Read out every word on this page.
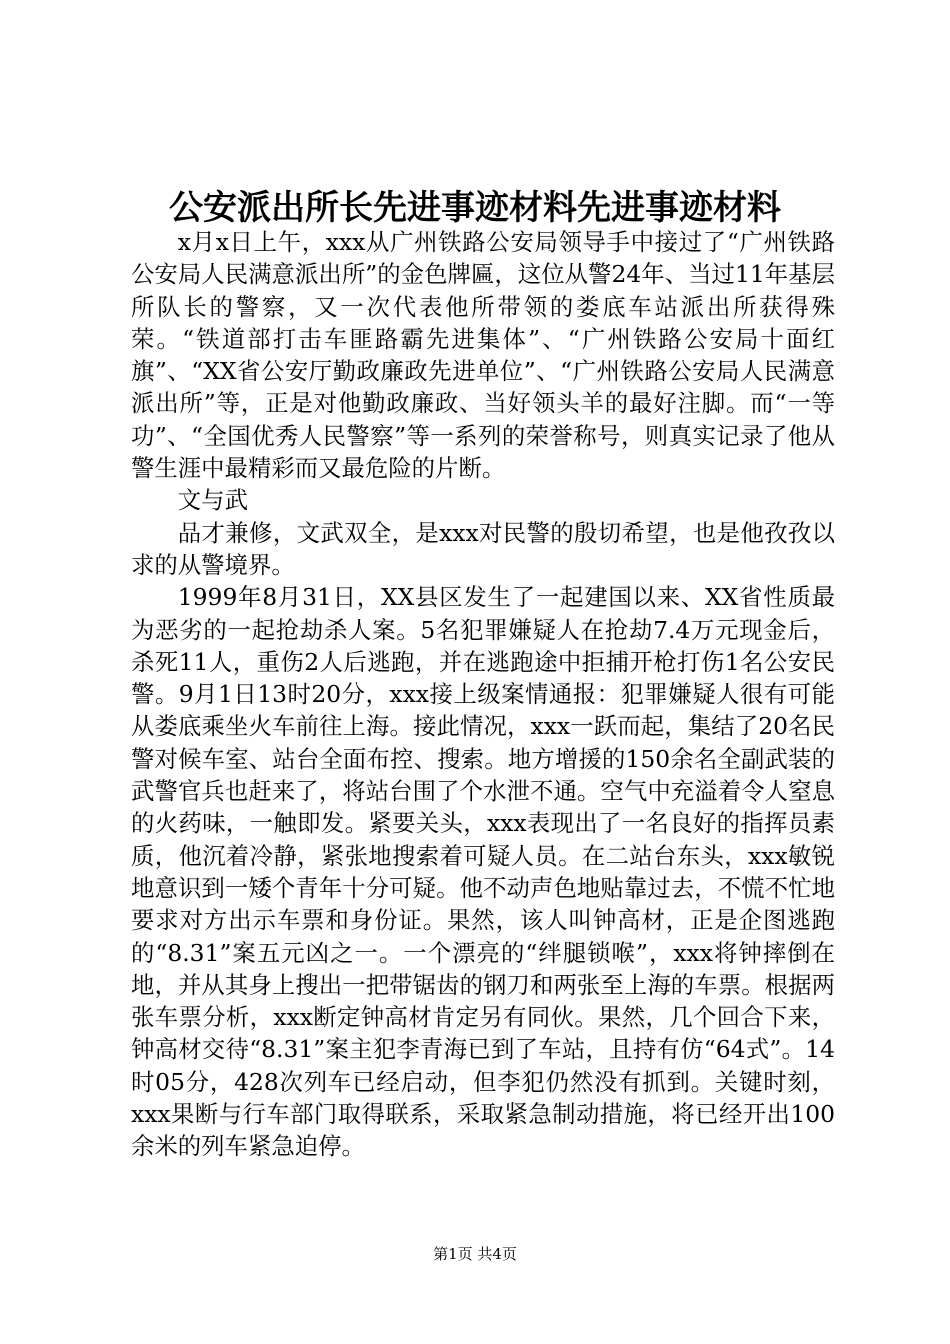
公安派出所长先进事迹材料先进事迹材料

x月x日上午，xxx从广州铁路公安局领导手中接过了“广州铁路公安局人民满意派出所”的金色牌匾，这位从警24年、当过11年基层所队长的警察，又一次代表他所带领的娄底车站派出所获得殊荣。“铁道部打击车匪路霸先进集体”、“广州铁路公安局十面红旗”、“XX省公安厅勤政廉政先进单位”、“广州铁路公安局人民满意派出所”等，正是对他勤政廉政、当好领头羊的最好注脚。而“一等功”、“全国优秀人民警察”等一系列的荣誉称号，则真实记录了他从警生涯中最精彩而又最危险的片断。

文与武

品才兼修，文武双全，是xxx对民警的殷切希望，也是他孜孜以求的从警境界。

1999年8月31日，XX县区发生了一起建国以来、XX省性质最为恶劣的一起抢劫杀人案。5名犯罪嫌疑人在抢劫7.4万元现金后，杀死11人，重伤2人后逃跑，并在逃跑途中拒捕开枪打伤1名公安民警。9月1日13时20分，xxx接上级案情通报：犯罪嫌疑人很有可能从娄底乘坐火车前往上海。接此情况，xxx一跃而起，集结了20名民警对候车室、站台全面布控、搜索。地方增援的150余名全副武装的武警官兵也赶来了，将站台围了个水泄不通。空气中充溢着令人窒息的火药味，一触即发。紧要关头，xxx表现出了一名良好的指挥员素质，他沉着冷静，紧张地搜索着可疑人员。在二站台东头，xxx敏锐地意识到一矮个青年十分可疑。他不动声色地贴靠过去，不慌不忙地要求对方出示车票和身份证。果然，该人叫钟高材，正是企图逃跑的“8.31”案五元凶之一。一个漂亮的“绊腿锁喉”，xxx将钟摔倒在地，并从其身上搜出一把带锯齿的钢刀和两张至上海的车票。根据两张车票分析，xxx断定钟高材肯定另有同伙。果然，几个回合下来，钟高材交待“8.31”案主犯李青海已到了车站，且持有仿“64式”。14时05分，428次列车已经启动，但李犯仍然没有抓到。关键时刻，xxx果断与行车部门取得联系，采取紧急制动措施，将已经开出100余米的列车紧急迫停。

第1页 共4页
